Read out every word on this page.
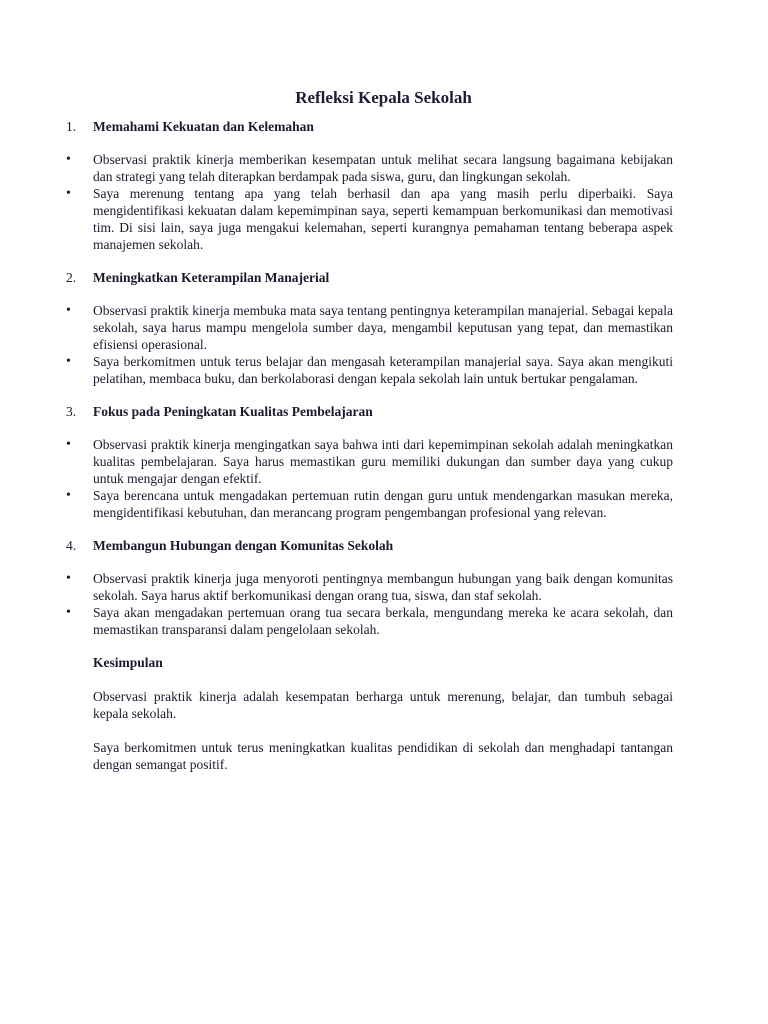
Refleksi Kepala Sekolah
1.	Memahami Kekuatan dan Kelemahan
•	Observasi praktik kinerja memberikan kesempatan untuk melihat secara langsung bagaimana kebijakan dan strategi yang telah diterapkan berdampak pada siswa, guru, dan lingkungan sekolah.
•	Saya merenung tentang apa yang telah berhasil dan apa yang masih perlu diperbaiki. Saya mengidentifikasi kekuatan dalam kepemimpinan saya, seperti kemampuan berkomunikasi dan memotivasi tim. Di sisi lain, saya juga mengakui kelemahan, seperti kurangnya pemahaman tentang beberapa aspek manajemen sekolah.
2.	Meningkatkan Keterampilan Manajerial
•	Observasi praktik kinerja membuka mata saya tentang pentingnya keterampilan manajerial. Sebagai kepala sekolah, saya harus mampu mengelola sumber daya, mengambil keputusan yang tepat, dan memastikan efisiensi operasional.
•	Saya berkomitmen untuk terus belajar dan mengasah keterampilan manajerial saya. Saya akan mengikuti pelatihan, membaca buku, dan berkolaborasi dengan kepala sekolah lain untuk bertukar pengalaman.
3.	Fokus pada Peningkatan Kualitas Pembelajaran
•	Observasi praktik kinerja mengingatkan saya bahwa inti dari kepemimpinan sekolah adalah meningkatkan kualitas pembelajaran. Saya harus memastikan guru memiliki dukungan dan sumber daya yang cukup untuk mengajar dengan efektif.
•	Saya berencana untuk mengadakan pertemuan rutin dengan guru untuk mendengarkan masukan mereka, mengidentifikasi kebutuhan, dan merancang program pengembangan profesional yang relevan.
4.	Membangun Hubungan dengan Komunitas Sekolah
•	Observasi praktik kinerja juga menyoroti pentingnya membangun hubungan yang baik dengan komunitas sekolah. Saya harus aktif berkomunikasi dengan orang tua, siswa, dan staf sekolah.
•	Saya akan mengadakan pertemuan orang tua secara berkala, mengundang mereka ke acara sekolah, dan memastikan transparansi dalam pengelolaan sekolah.
Kesimpulan

Observasi praktik kinerja adalah kesempatan berharga untuk merenung, belajar, dan tumbuh sebagai kepala sekolah.

Saya berkomitmen untuk terus meningkatkan kualitas pendidikan di sekolah dan menghadapi tantangan dengan semangat positif.
